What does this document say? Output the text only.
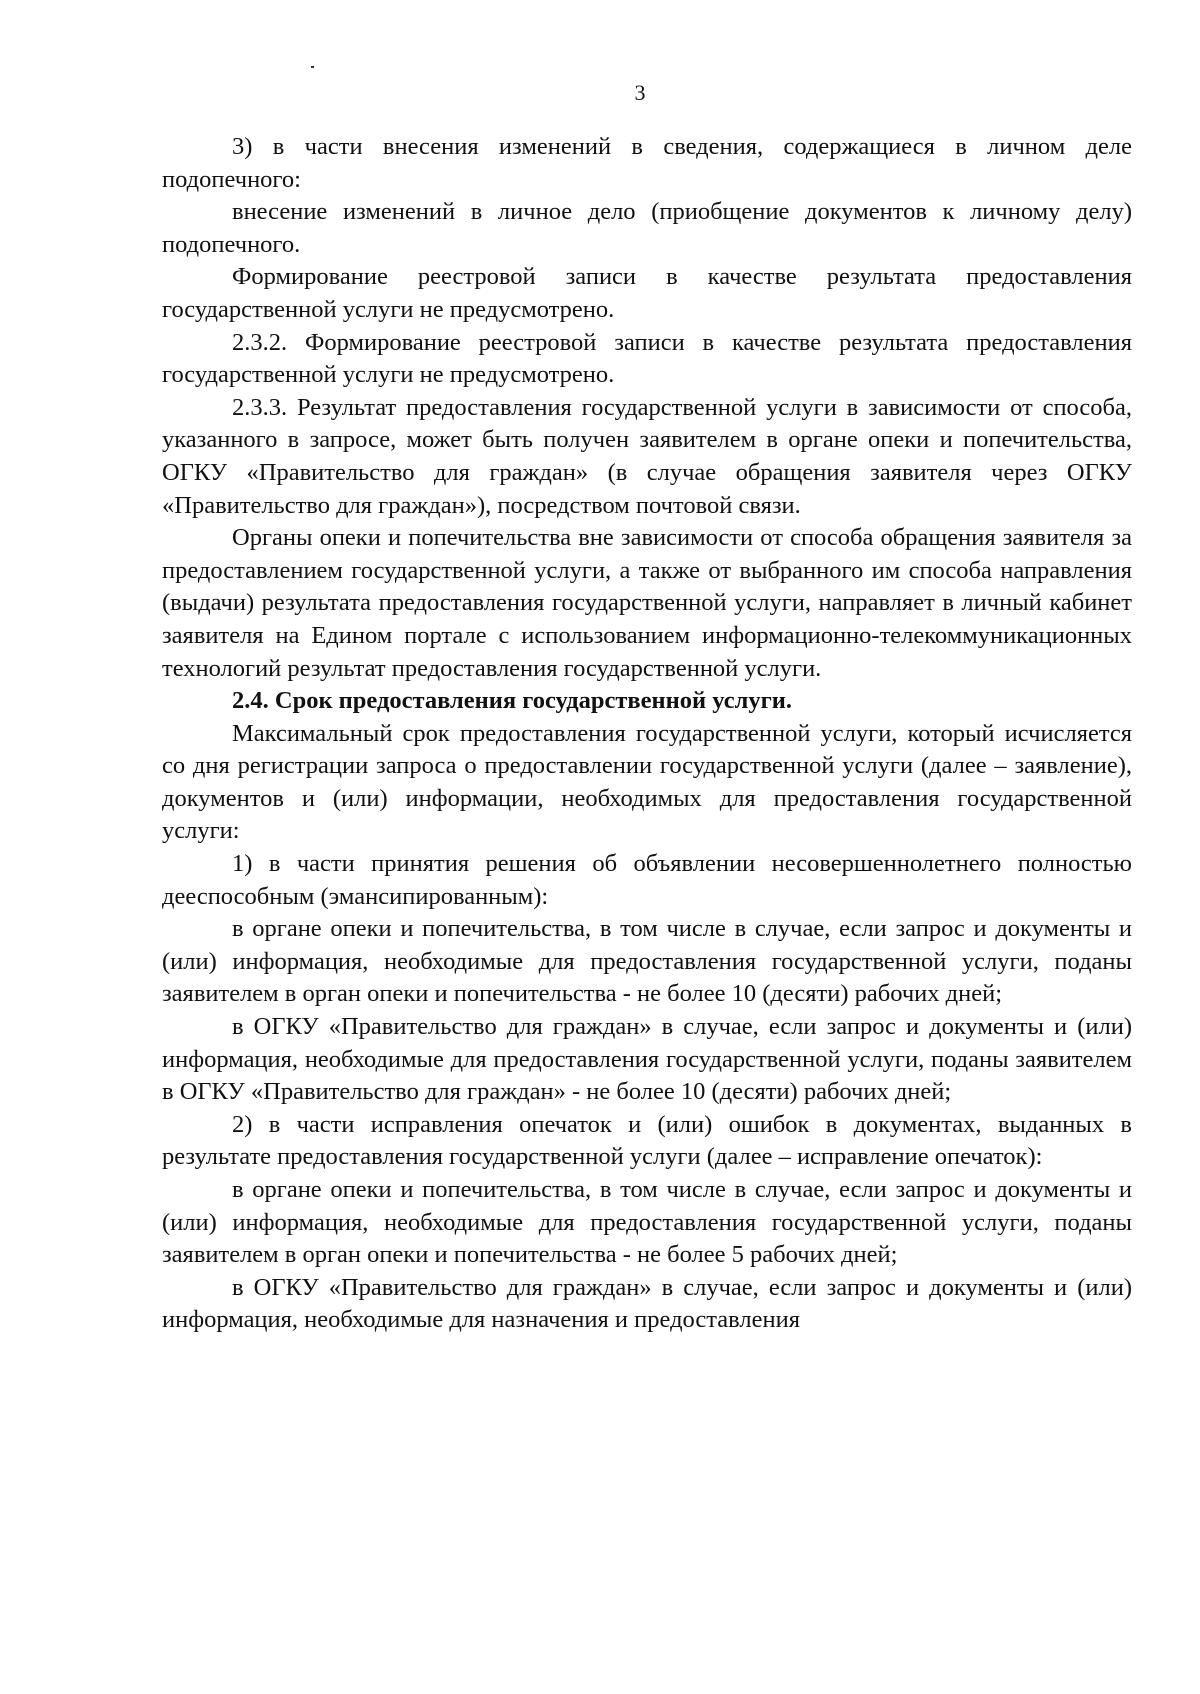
3

3) в части внесения изменений в сведения, содержащиеся в личном деле подопечного:

внесение изменений в личное дело (приобщение документов к личному делу) подопечного.

Формирование реестровой записи в качестве результата предоставления государственной услуги не предусмотрено.

2.3.2. Формирование реестровой записи в качестве результата предоставления государственной услуги не предусмотрено.

2.3.3. Результат предоставления государственной услуги в зависимости от способа, указанного в запросе, может быть получен заявителем в органе опеки и попечительства, ОГКУ «Правительство для граждан» (в случае обращения заявителя через ОГКУ «Правительство для граждан»), посредством почтовой связи.

Органы опеки и попечительства вне зависимости от способа обращения заявителя за предоставлением государственной услуги, а также от выбранного им способа направления (выдачи) результата предоставления государственной услуги, направляет в личный кабинет заявителя на Едином портале с использованием информационно-телекоммуникационных технологий результат предоставления государственной услуги.

2.4. Срок предоставления государственной услуги.

Максимальный срок предоставления государственной услуги, который исчисляется со дня регистрации запроса о предоставлении государственной услуги (далее – заявление), документов и (или) информации, необходимых для предоставления государственной услуги:

1) в части принятия решения об объявлении несовершеннолетнего полностью дееспособным (эмансипированным):

в органе опеки и попечительства, в том числе в случае, если запрос и документы и (или) информация, необходимые для предоставления государственной услуги, поданы заявителем в орган опеки и попечительства - не более 10 (десяти) рабочих дней;

в ОГКУ «Правительство для граждан» в случае, если запрос и документы и (или) информация, необходимые для предоставления государственной услуги, поданы заявителем в ОГКУ «Правительство для граждан» - не более 10 (десяти) рабочих дней;

2) в части исправления опечаток и (или) ошибок в документах, выданных в результате предоставления государственной услуги (далее – исправление опечаток):

в органе опеки и попечительства, в том числе в случае, если запрос и документы и (или) информация, необходимые для предоставления государственной услуги, поданы заявителем в орган опеки и попечительства - не более 5 рабочих дней;

в ОГКУ «Правительство для граждан» в случае, если запрос и документы и (или) информация, необходимые для назначения и предоставления
